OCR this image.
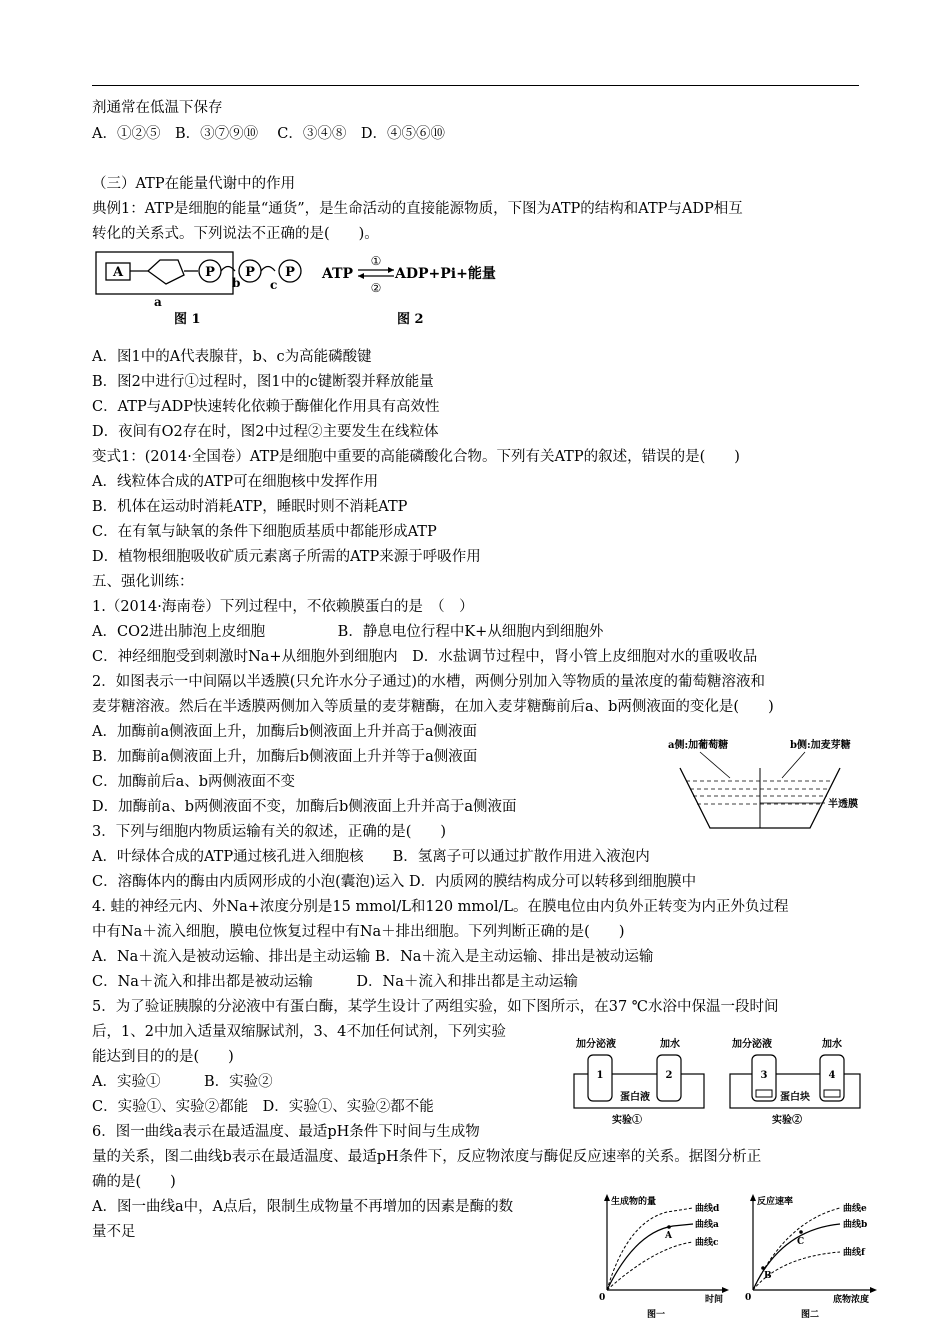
剂通常在低温下保存
A．①②⑤　B．③⑦⑨⑩　 C．③④⑧　D．④⑤⑥⑩
（三）ATP在能量代谢中的作用
典例1：ATP是细胞的能量“通货”，是生命活动的直接能源物质，下图为ATP的结构和ATP与ADP相互
转化的关系式。下列说法不正确的是(　　)。
A．图1中的A代表腺苷，b、c为高能磷酸键
B．图2中进行①过程时，图1中的c键断裂并释放能量
C．ATP与ADP快速转化依赖于酶催化作用具有高效性
D．夜间有O2存在时，图2中过程②主要发生在线粒体
变式1：(2014·全国卷）ATP是细胞中重要的高能磷酸化合物。下列有关ATP的叙述，错误的是(　　)
A．线粒体合成的ATP可在细胞核中发挥作用
B．机体在运动时消耗ATP，睡眠时则不消耗ATP
C．在有氧与缺氧的条件下细胞质基质中都能形成ATP
D．植物根细胞吸收矿质元素离子所需的ATP来源于呼吸作用
五、强化训练：
1.（2014·海南卷）下列过程中，不依赖膜蛋白的是　（　）
A．CO2进出肺泡上皮细胞　　　　　B．静息电位行程中K+从细胞内到细胞外
C．神经细胞受到刺激时Na+从细胞外到细胞内　D．水盐调节过程中，肾小管上皮细胞对水的重吸收品
2．如图表示一中间隔以半透膜(只允许水分子通过)的水槽，两侧分别加入等物质的量浓度的葡萄糖溶液和
麦芽糖溶液。然后在半透膜两侧加入等质量的麦芽糖酶，在加入麦芽糖酶前后a、b两侧液面的变化是(　　)
A．加酶前a侧液面上升，加酶后b侧液面上升并高于a侧液面
B．加酶前a侧液面上升，加酶后b侧液面上升并等于a侧液面
C．加酶前后a、b两侧液面不变
D．加酶前a、b两侧液面不变，加酶后b侧液面上升并高于a侧液面
3．下列与细胞内物质运输有关的叙述，正确的是(　　)
A．叶绿体合成的ATP通过核孔进入细胞核　　B．氢离子可以通过扩散作用进入液泡内
C．溶酶体内的酶由内质网形成的小泡(囊泡)运入 D．内质网的膜结构成分可以转移到细胞膜中
4. 蛙的神经元内、外Na+浓度分别是15 mmol/L和120 mmol/L。在膜电位由内负外正转变为内正外负过程
中有Na＋流入细胞，膜电位恢复过程中有Na＋排出细胞。下列判断正确的是(　　)
A．Na＋流入是被动运输、排出是主动运输 B．Na＋流入是主动运输、排出是被动运输
C．Na＋流入和排出都是被动运输　　　D．Na＋流入和排出都是主动运输
5．为了验证胰腺的分泌液中有蛋白酶，某学生设计了两组实验，如下图所示，在37 ℃水浴中保温一段时间
后，1、2中加入适量双缩脲试剂，3、4不加任何试剂，下列实验
能达到目的的是(　　)
A．实验①　　　B．实验②
C．实验①、实验②都能　D．实验①、实验②都不能
6．图一曲线a表示在最适温度、最适pH条件下时间与生成物
量的关系，图二曲线b表示在最适温度、最适pH条件下，反应物浓度与酶促反应速率的关系。据图分析正
确的是(　　)
A．图一曲线a中，A点后，限制生成物量不再增加的因素是酶的数
量不足
A	P P P
a
b c
图 1
ATP
①
②
ADP+Pi+能量
图 2
a侧:加葡萄糖	b侧:加麦芽糖
半透膜
加分泌液	加水
1	2
蛋白液
实验①
加分泌液	加水
3	4
蛋白块
实验②
生成物的量
时间
0
A
曲线d
曲线a
曲线c
图一
反应速率
底物浓度
0
B
C
曲线e
曲线b
曲线f
图二
